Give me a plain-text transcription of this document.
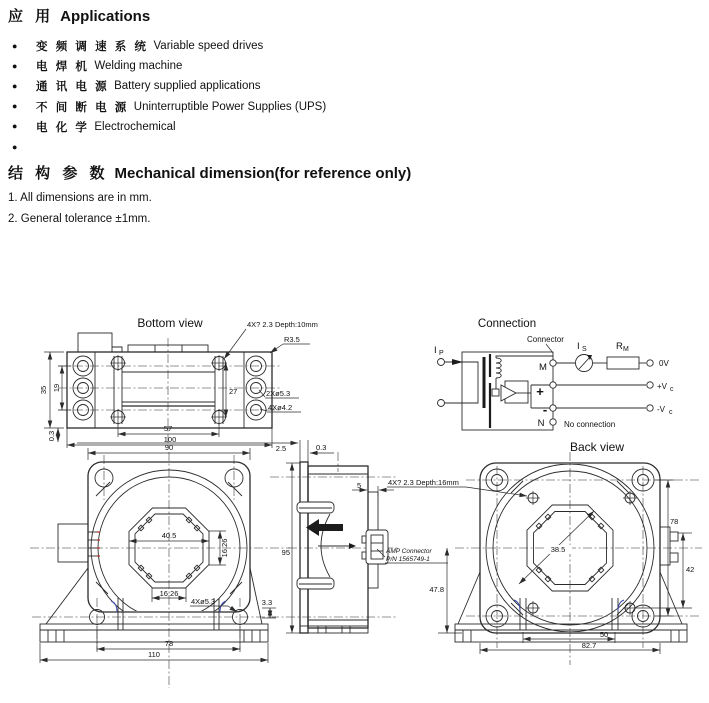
应 用 Applications
●	变 频 调 速 系 统 Variable speed drives
●	电 焊 机 Welding machine
●	通 讯 电 源 Battery supplied applications
●	不 间 断 电 源 Uninterruptible Power Supplies (UPS)
●	电 化 学 Electrochemical
●
结 构 参 数 Mechanical dimension(for reference only)
1. All dimensions are in mm.
2. General tolerance ±1mm.
Bottom view
35 19
0.3
27
57
100
4X? 2.3 Depth:10mm
R3.5
2Xø5.3
4Xø4.2
Connection
Connector
I P
I S	R M
M
+
-
N
0V
+V c
-V c
No connection
90
40.5
16.26
16.26
4Xø5.3	3.3
78
110
2.5	0.3
95
5	4X? 2.3 Depth:16mm
AMP Connector
P/N 1565749-1
47.8
Back view
38.5
78
42
50
82.7
